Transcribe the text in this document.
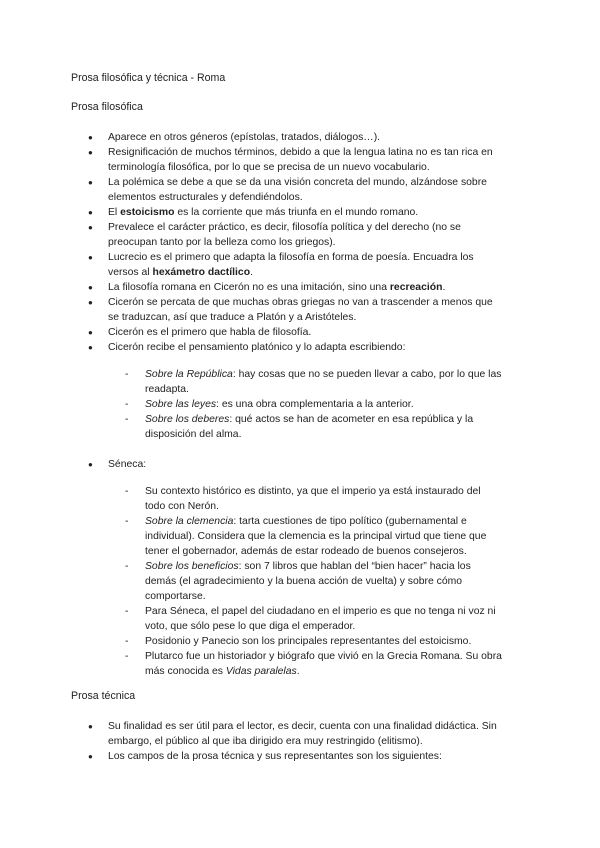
Prosa filosófica y técnica - Roma
Prosa filosófica
● Aparece en otros géneros (epístolas, tratados, diálogos…).
● Resignificación de muchos términos, debido a que la lengua latina no es tan rica en
terminología filosófica, por lo que se precisa de un nuevo vocabulario.
● La polémica se debe a que se da una visión concreta del mundo, alzándose sobre
elementos estructurales y defendiéndolos.
● El estoicismo es la corriente que más triunfa en el mundo romano.
● Prevalece el carácter práctico, es decir, filosofía política y del derecho (no se
preocupan tanto por la belleza como los griegos).
● Lucrecio es el primero que adapta la filosofía en forma de poesía. Encuadra los
versos al hexámetro dactílico.
● La filosofía romana en Cicerón no es una imitación, sino una recreación.
● Cicerón se percata de que muchas obras griegas no van a trascender a menos que
se traduzcan, así que traduce a Platón y a Aristóteles.
● Cicerón es el primero que habla de filosofía.
● Cicerón recibe el pensamiento platónico y lo adapta escribiendo:
- Sobre la República: hay cosas que no se pueden llevar a cabo, por lo que las
readapta.
- Sobre las leyes: es una obra complementaria a la anterior.
- Sobre los deberes: qué actos se han de acometer en esa república y la
disposición del alma.
● Séneca:
- Su contexto histórico es distinto, ya que el imperio ya está instaurado del
todo con Nerón.
- Sobre la clemencia: tarta cuestiones de tipo político (gubernamental e
individual). Considera que la clemencia es la principal virtud que tiene que
tener el gobernador, además de estar rodeado de buenos consejeros.
- Sobre los beneficios: son 7 libros que hablan del “bien hacer” hacia los
demás (el agradecimiento y la buena acción de vuelta) y sobre cómo
comportarse.
- Para Séneca, el papel del ciudadano en el imperio es que no tenga ni voz ni
voto, que sólo pese lo que diga el emperador.
- Posidonio y Panecio son los principales representantes del estoicismo.
- Plutarco fue un historiador y biógrafo que vivió en la Grecia Romana. Su obra
más conocida es Vidas paralelas.
Prosa técnica
● Su finalidad es ser útil para el lector, es decir, cuenta con una finalidad didáctica. Sin
embargo, el público al que iba dirigido era muy restringido (elitismo).
● Los campos de la prosa técnica y sus representantes son los siguientes:
